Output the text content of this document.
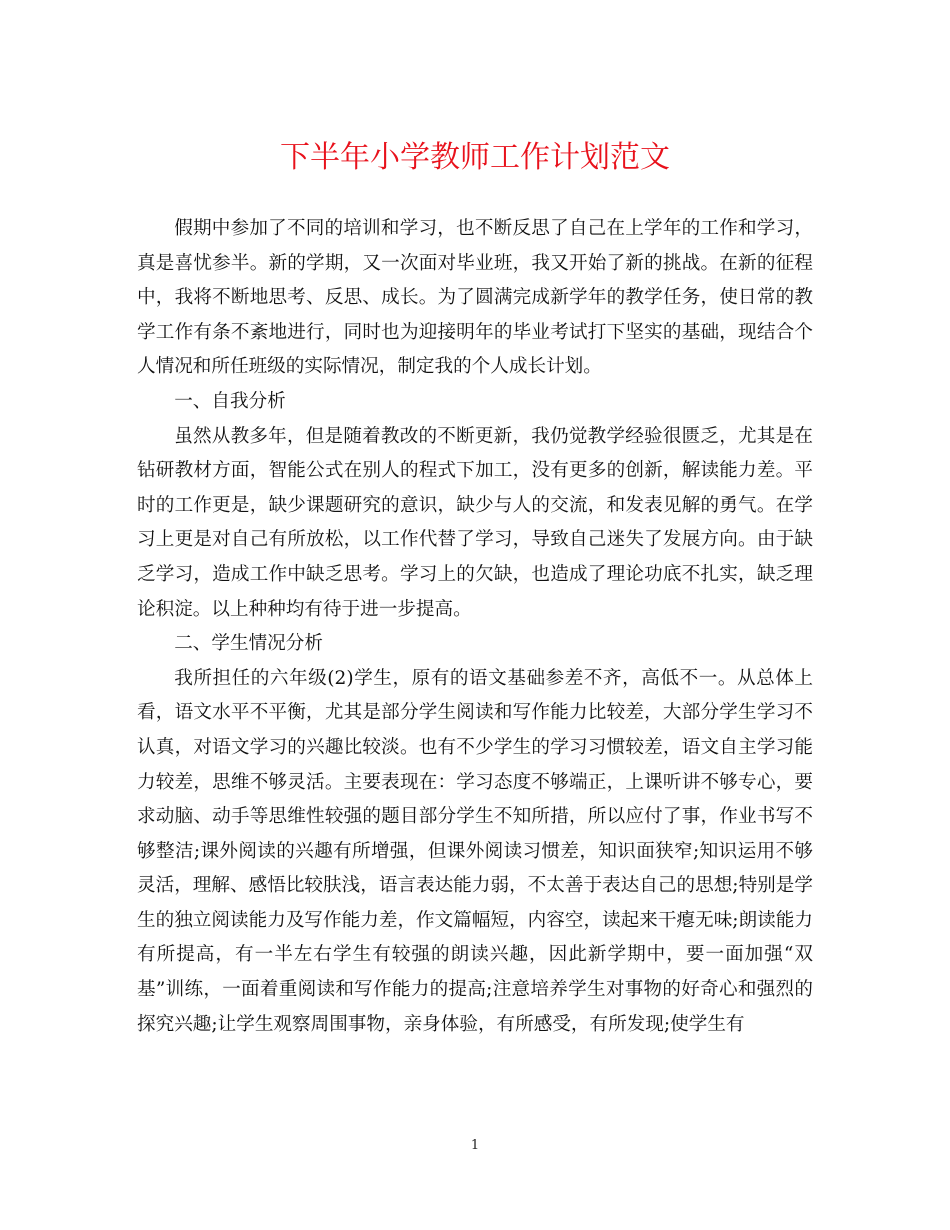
下半年小学教师工作计划范文

假期中参加了不同的培训和学习，也不断反思了自己在上学年的工作和学习，真是喜忧参半。新的学期，又一次面对毕业班，我又开始了新的挑战。在新的征程中，我将不断地思考、反思、成长。为了圆满完成新学年的教学任务，使日常的教学工作有条不紊地进行，同时也为迎接明年的毕业考试打下坚实的基础，现结合个人情况和所任班级的实际情况，制定我的个人成长计划。

一、自我分析

虽然从教多年，但是随着教改的不断更新，我仍觉教学经验很匮乏，尤其是在钻研教材方面，智能公式在别人的程式下加工，没有更多的创新，解读能力差。平时的工作更是，缺少课题研究的意识，缺少与人的交流，和发表见解的勇气。在学习上更是对自己有所放松，以工作代替了学习，导致自己迷失了发展方向。由于缺乏学习，造成工作中缺乏思考。学习上的欠缺，也造成了理论功底不扎实，缺乏理论积淀。以上种种均有待于进一步提高。

二、学生情况分析

我所担任的六年级(2)学生，原有的语文基础参差不齐，高低不一。从总体上看，语文水平不平衡，尤其是部分学生阅读和写作能力比较差，大部分学生学习不认真，对语文学习的兴趣比较淡。也有不少学生的学习习惯较差，语文自主学习能力较差，思维不够灵活。主要表现在：学习态度不够端正，上课听讲不够专心，要求动脑、动手等思维性较强的题目部分学生不知所措，所以应付了事，作业书写不够整洁;课外阅读的兴趣有所增强，但课外阅读习惯差，知识面狭窄;知识运用不够灵活，理解、感悟比较肤浅，语言表达能力弱，不太善于表达自己的思想;特别是学生的独立阅读能力及写作能力差，作文篇幅短，内容空，读起来干瘪无味;朗读能力有所提高，有一半左右学生有较强的朗读兴趣，因此新学期中，要一面加强“双基”训练，一面着重阅读和写作能力的提高;注意培养学生对事物的好奇心和强烈的探究兴趣;让学生观察周围事物，亲身体验，有所感受，有所发现;使学生有

1
